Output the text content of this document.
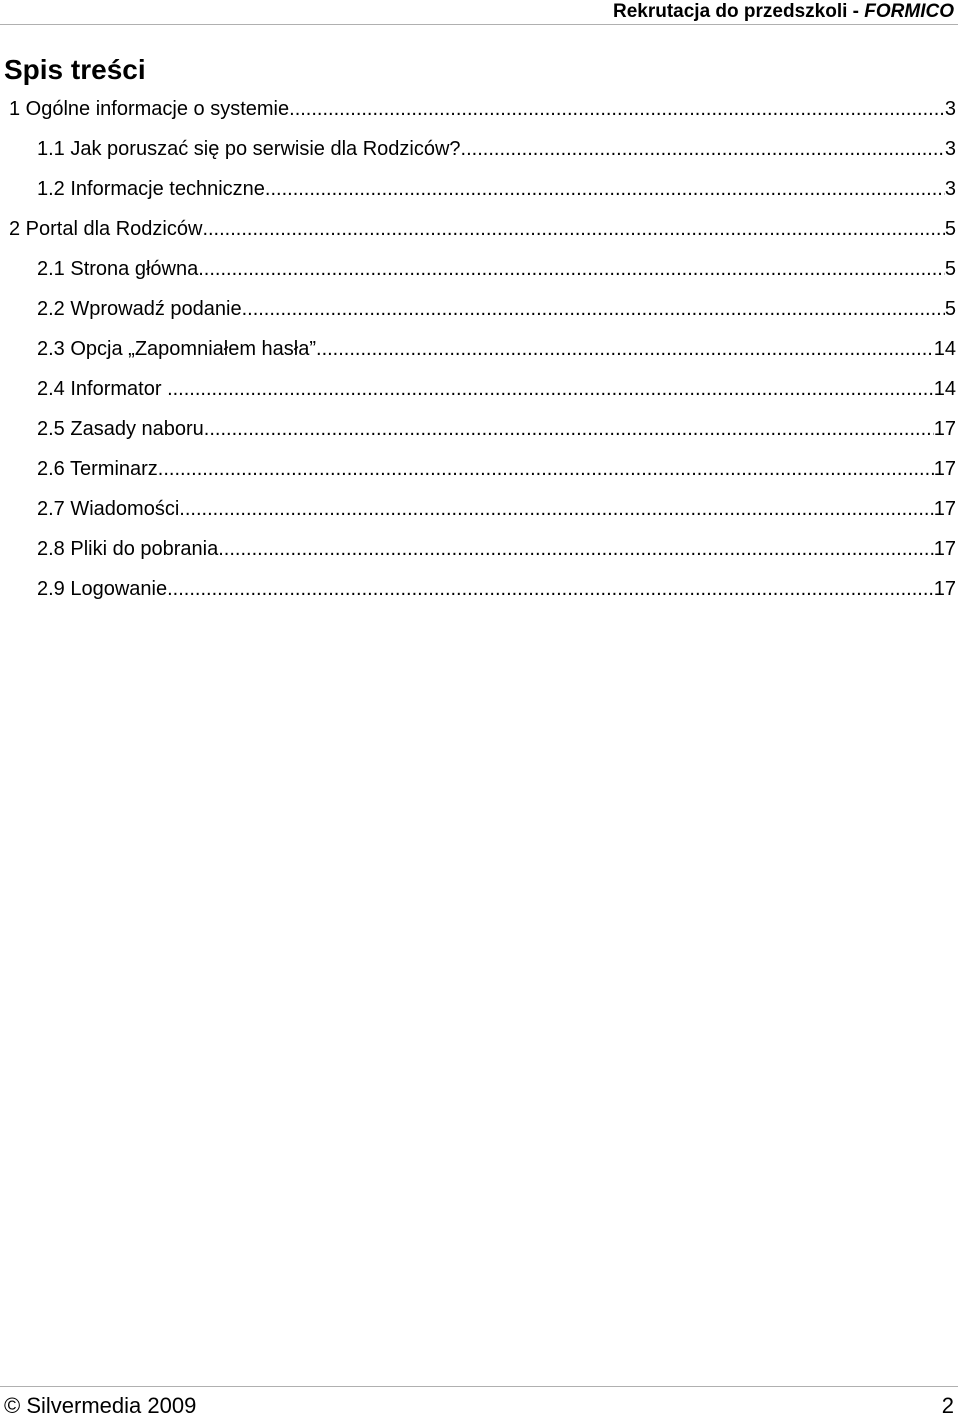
Rekrutacja do przedszkoli - FORMICO
Spis treści
1 Ogólne informacje o systemie .....	3
1.1 Jak poruszać się po serwisie dla Rodziców? .....	3
1.2 Informacje techniczne .....	3
2 Portal dla Rodziców .....	5
2.1 Strona główna .....	5
2.2 Wprowadź podanie .....	5
2.3 Opcja „Zapomniałem hasła” .....	14
2.4 Informator .....	14
2.5 Zasady naboru .....	17
2.6 Terminarz .....	17
2.7 Wiadomości .....	17
2.8 Pliki do pobrania .....	17
2.9 Logowanie .....	17
© Silvermedia 2009	2
